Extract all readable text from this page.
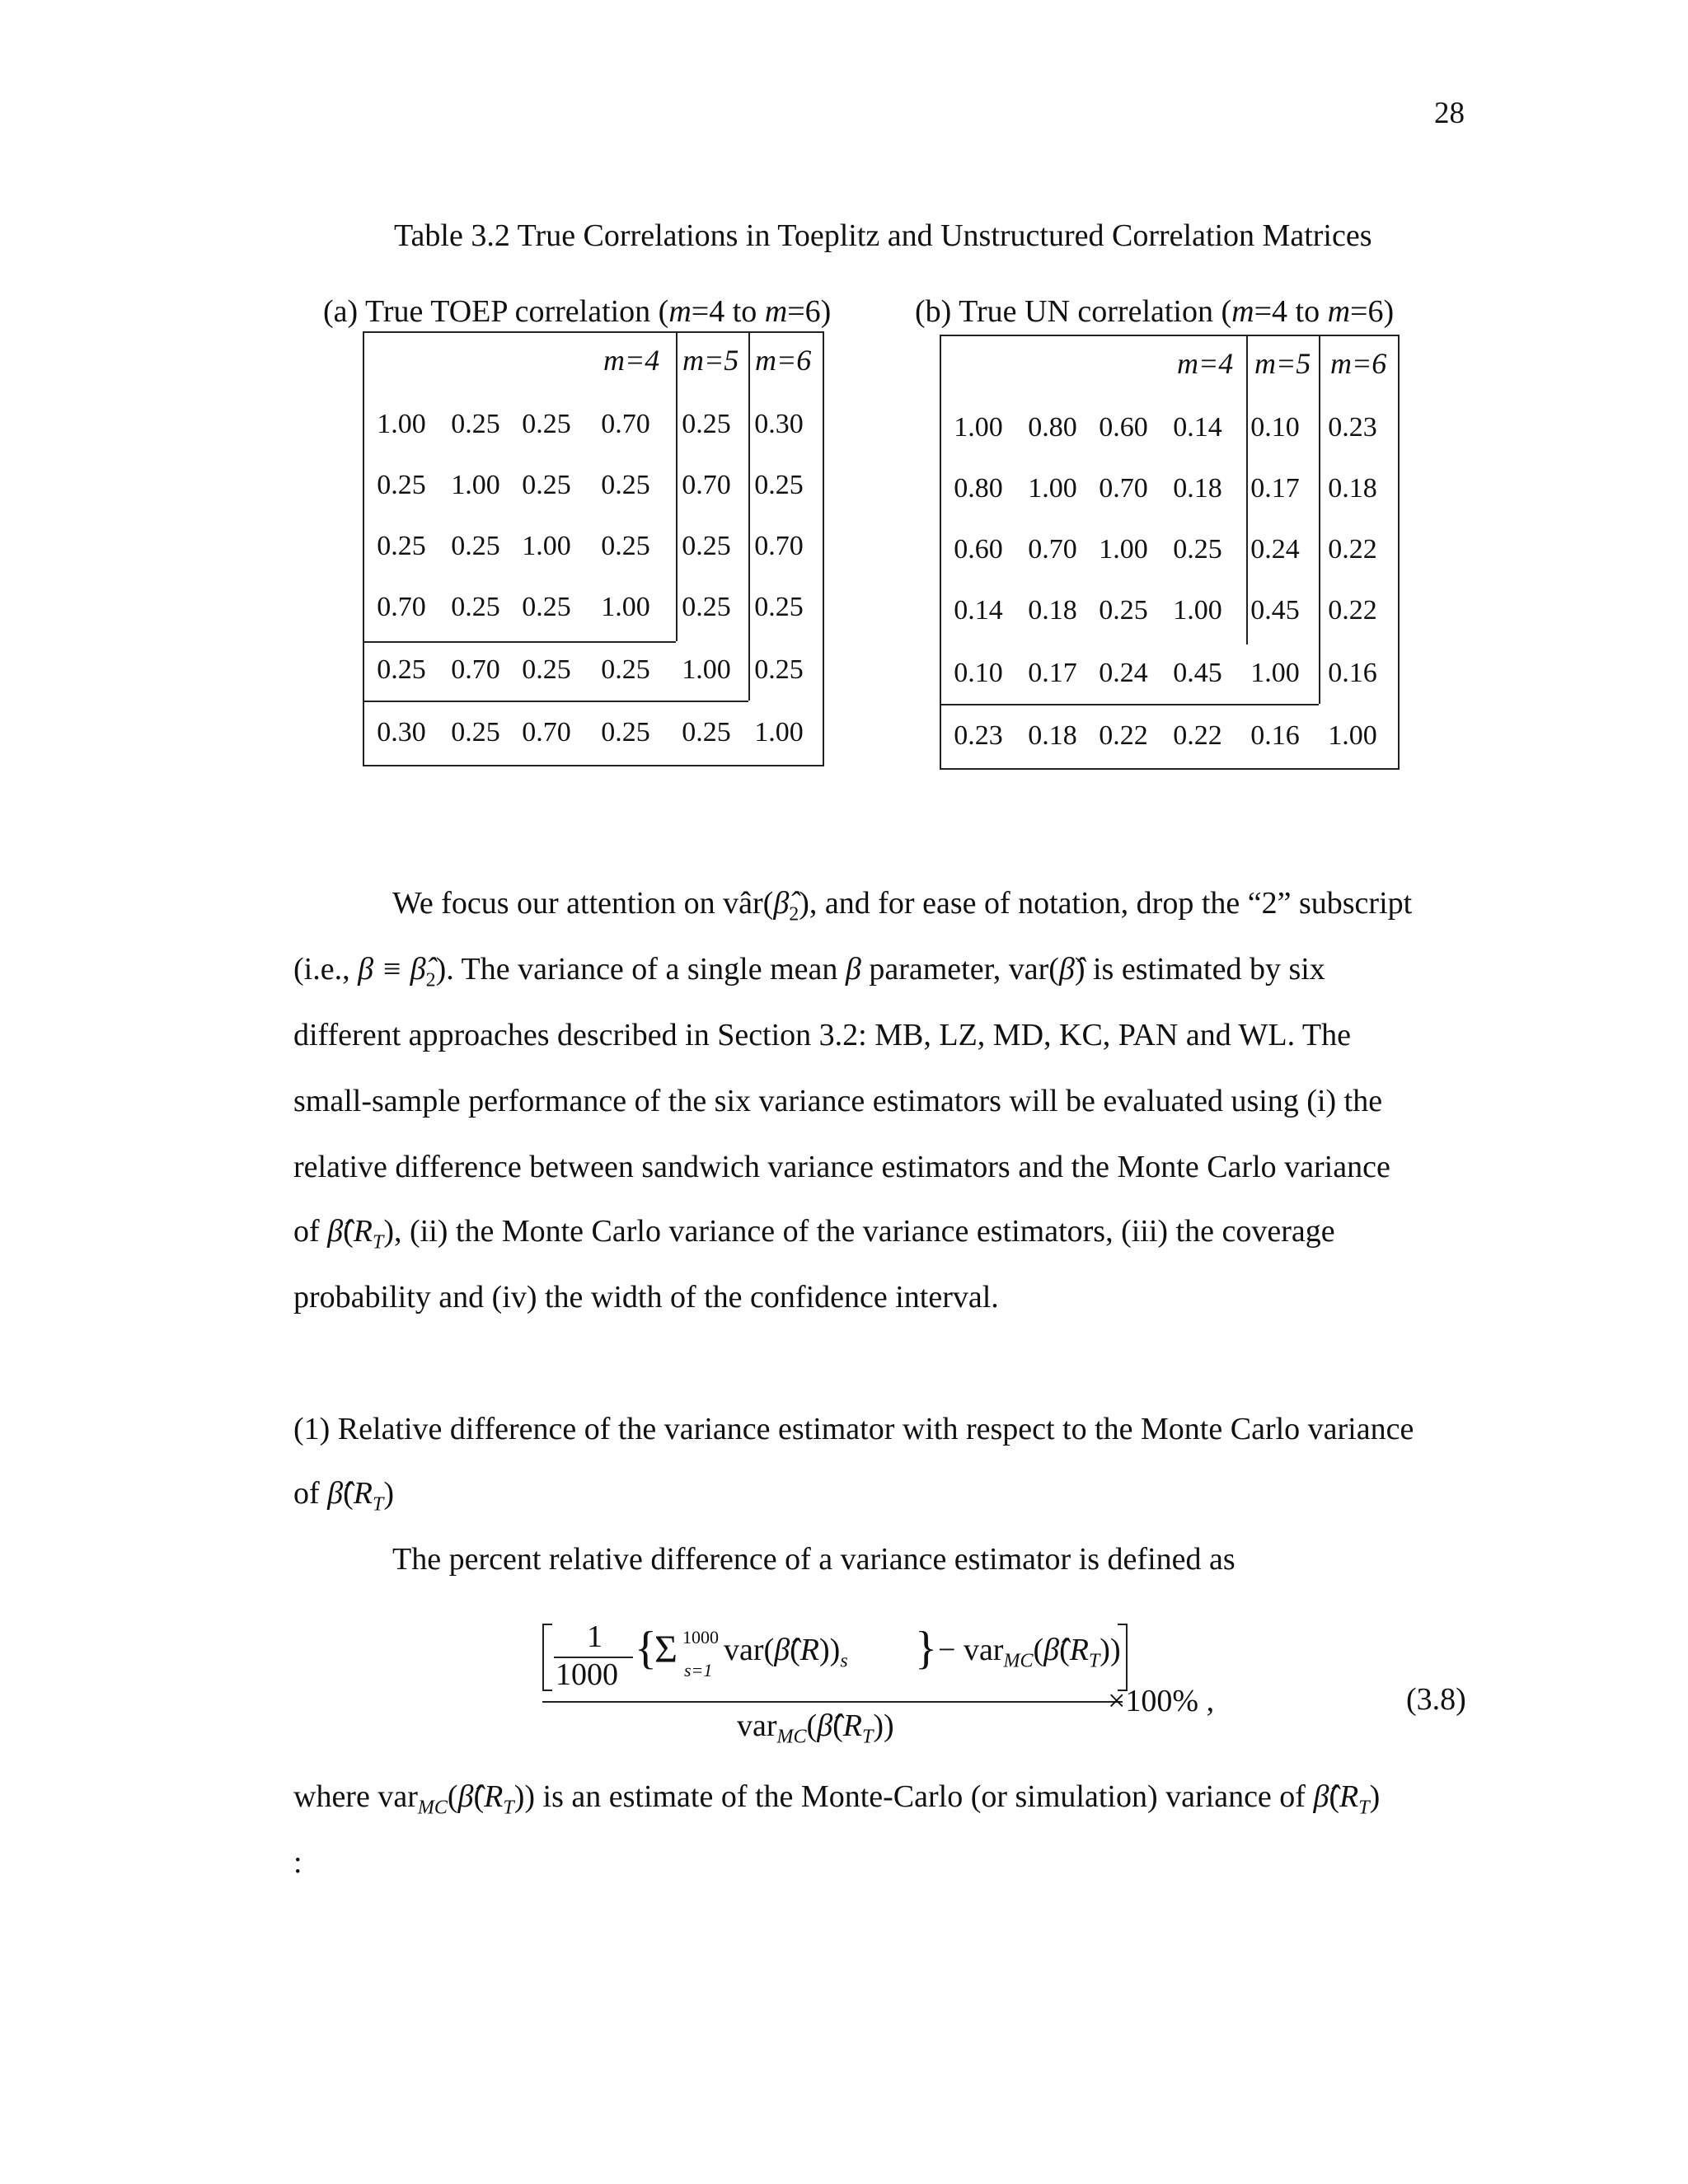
28
Table 3.2 True Correlations in Toeplitz and Unstructured Correlation Matrices
(a) True TOEP correlation (m=4 to m=6)	(b) True UN correlation (m=4 to m=6)
m=4 m=5 m=6
1.00 0.25 0.25 0.70 0.25 0.30
0.25 1.00 0.25 0.25 0.70 0.25
0.25 0.25 1.00 0.25 0.25 0.70
0.70 0.25 0.25 1.00 0.25 0.25
0.25 0.70 0.25 0.25 1.00 0.25
0.30 0.25 0.70 0.25 0.25 1.00
m=4 m=5 m=6
1.00 0.80 0.60 0.14 0.10 0.23
0.80 1.00 0.70 0.18 0.17 0.18
0.60 0.70 1.00 0.25 0.24 0.22
0.14 0.18 0.25 1.00 0.45 0.22
0.10 0.17 0.24 0.45 1.00 0.16
0.23 0.18 0.22 0.22 0.16 1.00
We focus our attention on $vâr(\betâ_2)$, and for ease of notation, drop the “2” subscript
(i.e., $\beta \equiv \betâ_2$). The variance of a single mean β parameter, var(β̂) is estimated by six
different approaches described in Section 3.2: MB, LZ, MD, KC, PAN and WL. The
small-sample performance of the six variance estimators will be evaluated using (i) the
relative difference between sandwich variance estimators and the Monte Carlo variance
of $\betâ(R_T)$, (ii) the Monte Carlo variance of the variance estimators, (iii) the coverage
probability and (iv) the width of the confidence interval.
(1) Relative difference of the variance estimator with respect to the Monte Carlo variance
of $\betâ(R_T)$
The percent relative difference of a variance estimator is defined as
1
1000
{
Σ 1000
s=1
$var(\betâ(R))_s$ } − $var_{MC}(\betâ(R_T))$
$var_{MC}(\betâ(R_T))$
×100% ,	(3.8)
where $var_{MC}(\betâ(R_T))$ is an estimate of the Monte-Carlo (or simulation) variance of $\betâ(R_T)$
:
